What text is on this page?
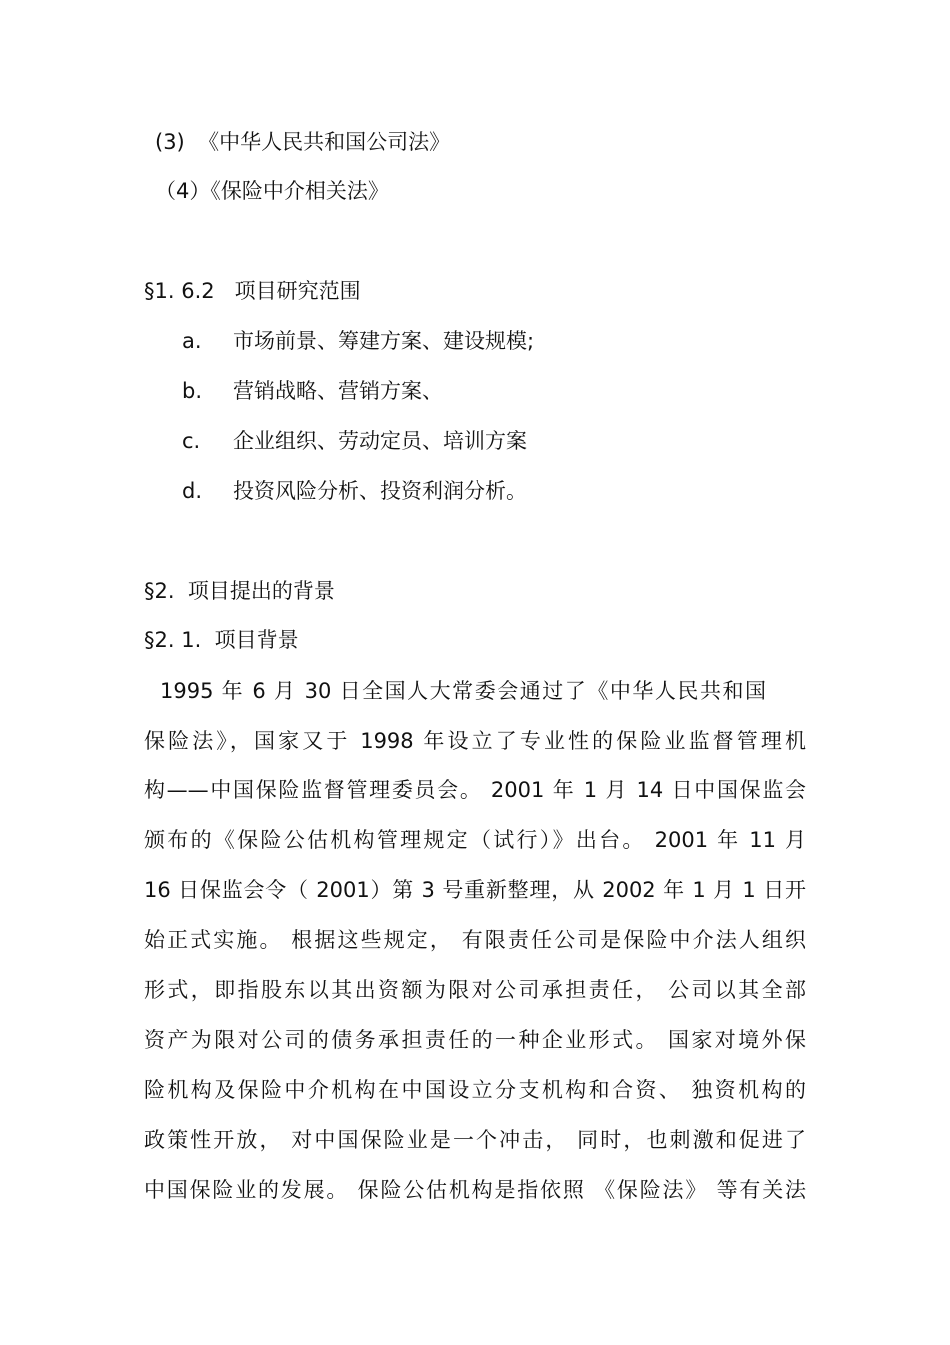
(3)  《中华人民共和国公司法》
（4）《保险中介相关法》
§1. 6.2   项目研究范围
a. 市场前景、筹建方案、建设规模;
b. 营销战略、营销方案、
c. 企业组织、劳动定员、培训方案
d. 投资风险分析、投资利润分析。
§2.  项目提出的背景
§2. 1.  项目背景
1995 年 6 月 30 日全国人大常委会通过了《中华人民共和国
保险法》，国家又于 1998 年设立了专业性的保险业监督管理机
构——中国保险监督管理委员会。 2001 年 1 月 14 日中国保监会
颁布的《保险公估机构管理规定（试行）》出台。 2001 年 11 月
16 日保监会令（ 2001）第 3 号重新整理，从 2002 年 1 月 1 日开
始正式实施。 根据这些规定， 有限责任公司是保险中介法人组织
形式，即指股东以其出资额为限对公司承担责任， 公司以其全部
资产为限对公司的债务承担责任的一种企业形式。 国家对境外保
险机构及保险中介机构在中国设立分支机构和合资、 独资机构的
政策性开放， 对中国保险业是一个冲击， 同时，也刺激和促进了
中国保险业的发展。 保险公估机构是指依照 《保险法》 等有关法
